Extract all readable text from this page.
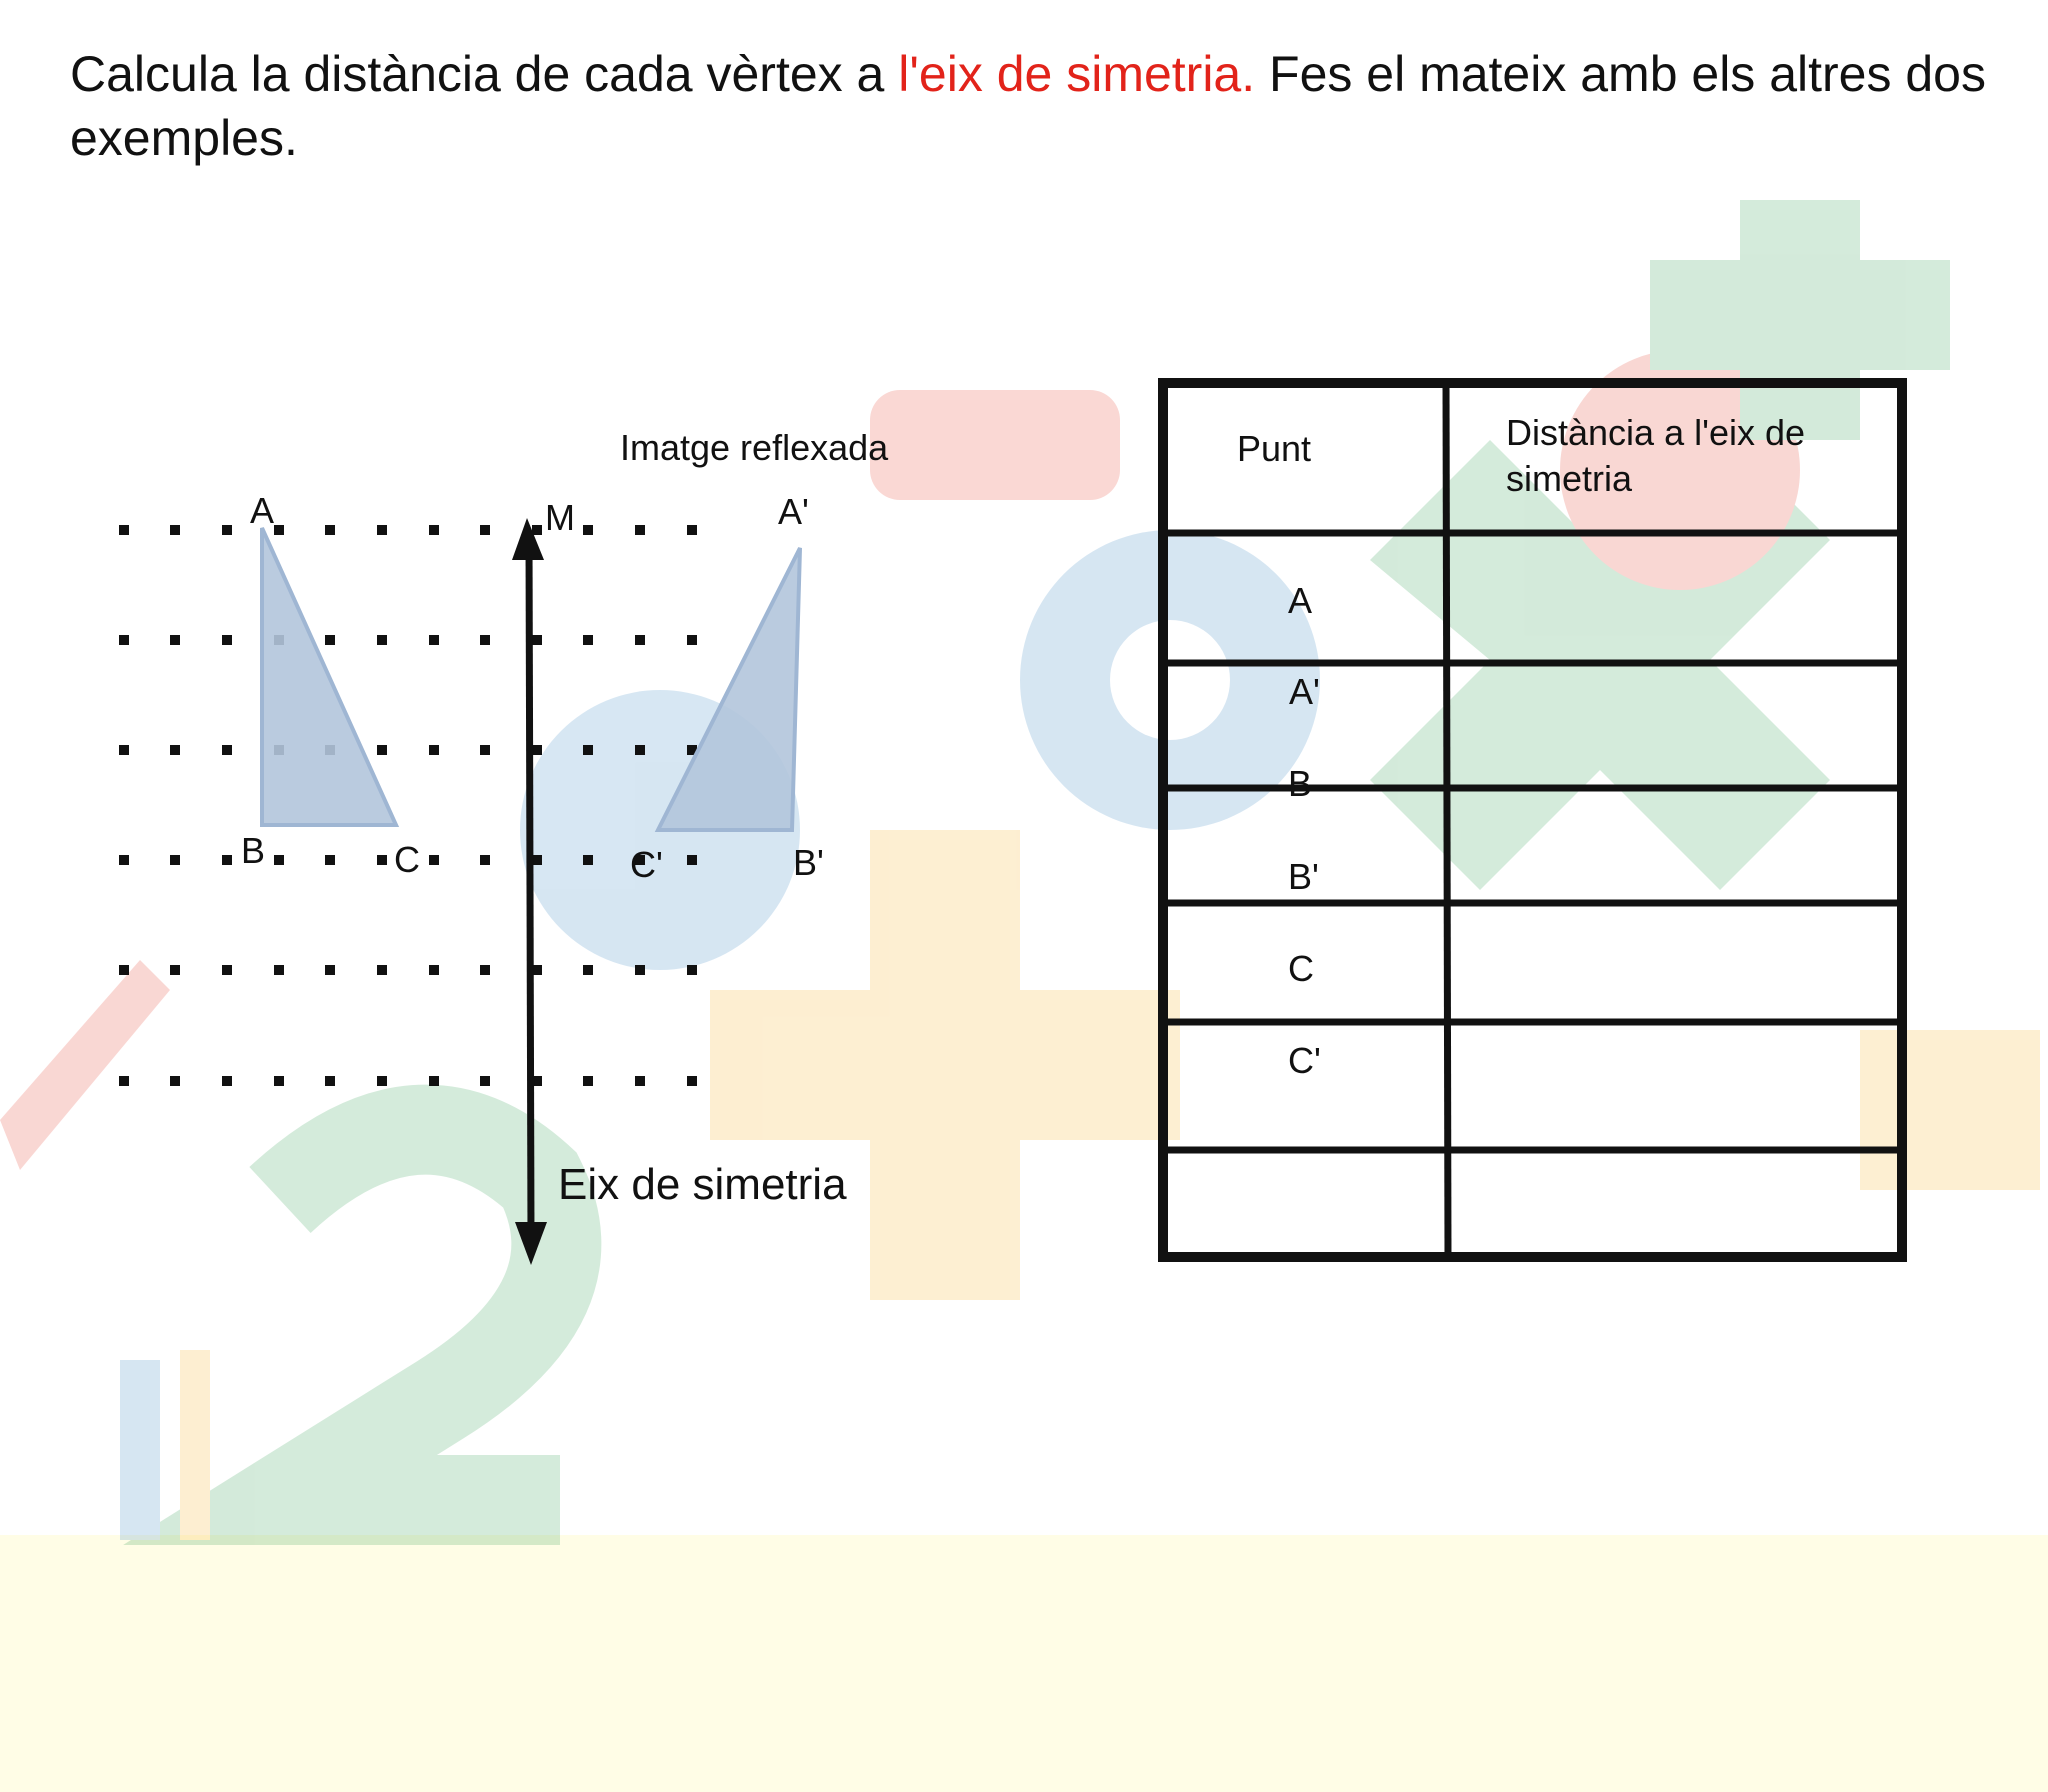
Calcula la distància de cada vèrtex a l'eix de simetria. Fes el mateix amb els altres dos exemples.

Imatge reflexada
A	M	A'
B	C	C'	B'
Eix de simetria
Punt	Distància a l'eix de simetria
A
A'
B
B'
C
C'
